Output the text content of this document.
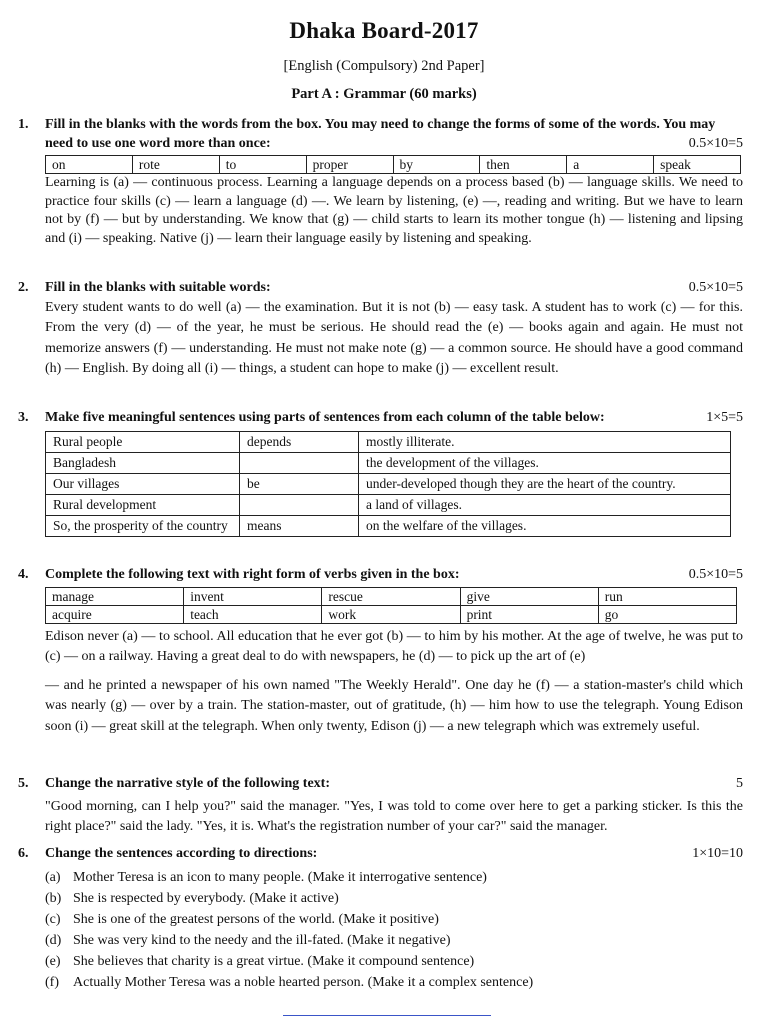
Dhaka Board-2017
[English (Compulsory) 2nd Paper]
Part A : Grammar (60 marks)
1. Fill in the blanks with the words from the box. You may need to change the forms of some of the words. You may need to use one word more than once:	0.5×10=5
on	rote	to	proper	by	then	a	speak
Learning is (a) — continuous process. Learning a language depends on a process based (b) — language skills. We need to practice four skills (c) — learn a language (d) —. We learn by listening, (e) —, reading and writing. But we have to learn not by (f) — but by understanding. We know that (g) — child starts to learn its mother tongue (h) — listening and lipsing and (i) — speaking. Native (j) — learn their language easily by listening and speaking.
2. Fill in the blanks with suitable words:	0.5×10=5
Every student wants to do well (a) — the examination. But it is not (b) — easy task. A student has to work (c) — for this. From the very (d) — of the year, he must be serious. He should read the (e) — books again and again. He must not memorize answers (f) — understanding. He must not make note (g) — a common source. He should have a good command (h) — English. By doing all (i) — things, a student can hope to make (j) — excellent result.
3. Make five meaningful sentences using parts of sentences from each column of the table below:	1×5=5
Rural people	depends	mostly illiterate.
Bangladesh		the development of the villages.
Our villages	be	under-developed though they are the heart of the country.
Rural development		a land of villages.
So, the prosperity of the country	means	on the welfare of the villages.
4. Complete the following text with right form of verbs given in the box:	0.5×10=5
manage	invent	rescue	give	run
acquire	teach	work	print	go
Edison never (a) — to school. All education that he ever got (b) — to him by his mother. At the age of twelve, he was put to (c) — on a railway. Having a great deal to do with newspapers, he (d) — to pick up the art of (e)
— and he printed a newspaper of his own named "The Weekly Herald". One day he (f) — a station-master's child which was nearly (g) — over by a train. The station-master, out of gratitude, (h) — him how to use the telegraph. Young Edison soon (i) — great skill at the telegraph. When only twenty, Edison (j) — a new telegraph which was extremely useful.
5. Change the narrative style of the following text:	5
"Good morning, can I help you?" said the manager. "Yes, I was told to come over here to get a parking sticker. Is this the right place?" said the lady. "Yes, it is. What's the registration number of your car?" said the manager.
6. Change the sentences according to directions:	1×10=10
(a) Mother Teresa is an icon to many people. (Make it interrogative sentence)
(b) She is respected by everybody. (Make it active)
(c) She is one of the greatest persons of the world. (Make it positive)
(d) She was very kind to the needy and the ill-fated. (Make it negative)
(e) She believes that charity is a great virtue. (Make it compound sentence)
(f) Actually Mother Teresa was a noble hearted person. (Make it a complex sentence)
